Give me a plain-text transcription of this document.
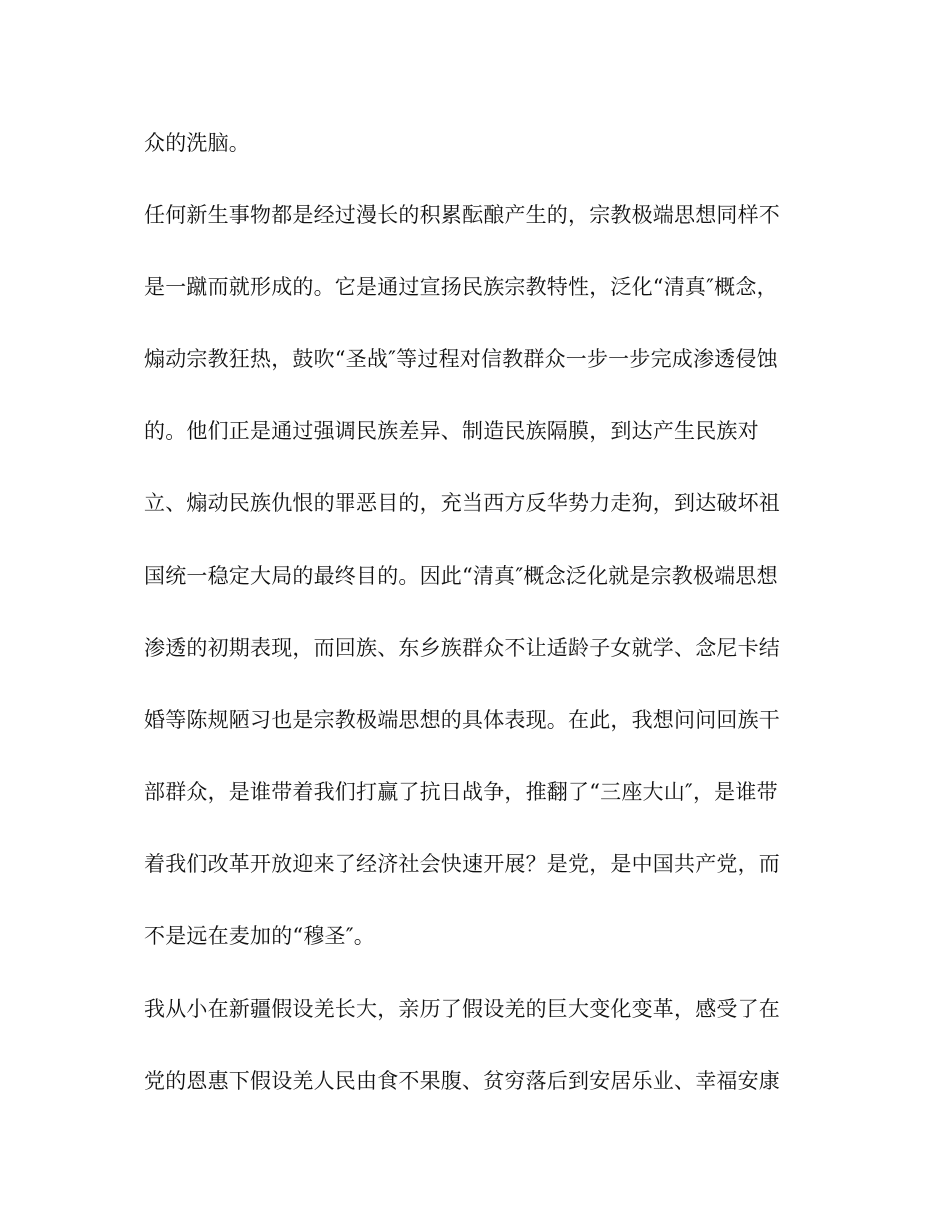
众的洗脑。
任何新生事物都是经过漫长的积累酝酿产生的，宗教极端思想同样不
是一蹴而就形成的。它是通过宣扬民族宗教特性，泛化“清真″概念，
煽动宗教狂热，鼓吹“圣战″等过程对信教群众一步一步完成渗透侵蚀
的。他们正是通过强调民族差异、制造民族隔膜，到达产生民族对
立、煽动民族仇恨的罪恶目的，充当西方反华势力走狗，到达破坏祖
国统一稳定大局的最终目的。因此“清真″概念泛化就是宗教极端思想
渗透的初期表现，而回族、东乡族群众不让适龄子女就学、念尼卡结
婚等陈规陋习也是宗教极端思想的具体表现。在此，我想问问回族干
部群众，是谁带着我们打赢了抗日战争，推翻了“三座大山″，是谁带
着我们改革开放迎来了经济社会快速开展？是党，是中国共产党，而
不是远在麦加的“穆圣″。
我从小在新疆假设羌长大，亲历了假设羌的巨大变化变革，感受了在
党的恩惠下假设羌人民由食不果腹、贫穷落后到安居乐业、幸福安康
